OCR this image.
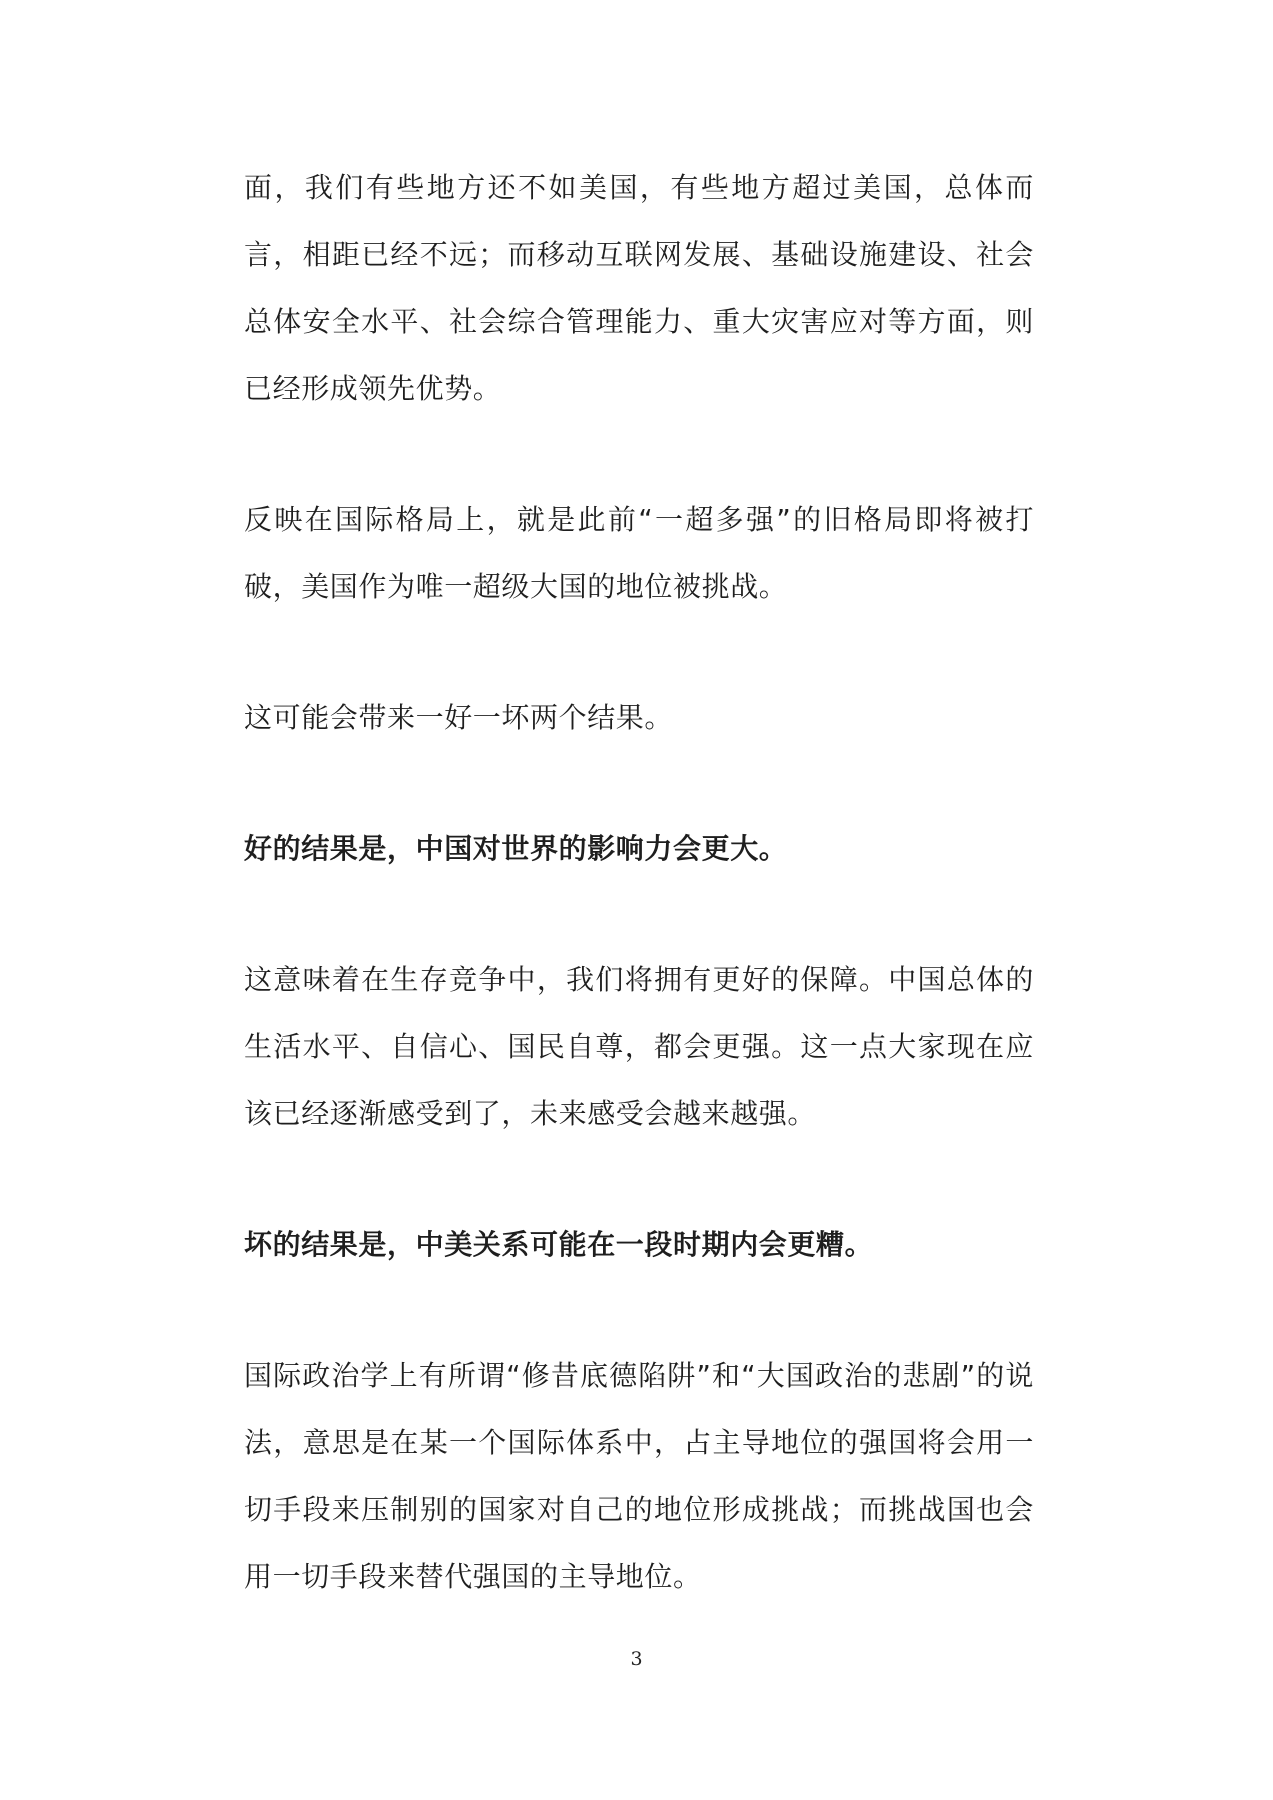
面，我们有些地方还不如美国，有些地方超过美国，总体而言，相距已经不远；而移动互联网发展、基础设施建设、社会总体安全水平、社会综合管理能力、重大灾害应对等方面，则已经形成领先优势。

反映在国际格局上，就是此前“一超多强”的旧格局即将被打破，美国作为唯一超级大国的地位被挑战。

这可能会带来一好一坏两个结果。

好的结果是，中国对世界的影响力会更大。

这意味着在生存竞争中，我们将拥有更好的保障。中国总体的生活水平、自信心、国民自尊，都会更强。这一点大家现在应该已经逐渐感受到了，未来感受会越来越强。

坏的结果是，中美关系可能在一段时期内会更糟。

国际政治学上有所谓“修昔底德陷阱”和“大国政治的悲剧”的说法，意思是在某一个国际体系中，占主导地位的强国将会用一切手段来压制别的国家对自己的地位形成挑战；而挑战国也会用一切手段来替代强国的主导地位。

3
